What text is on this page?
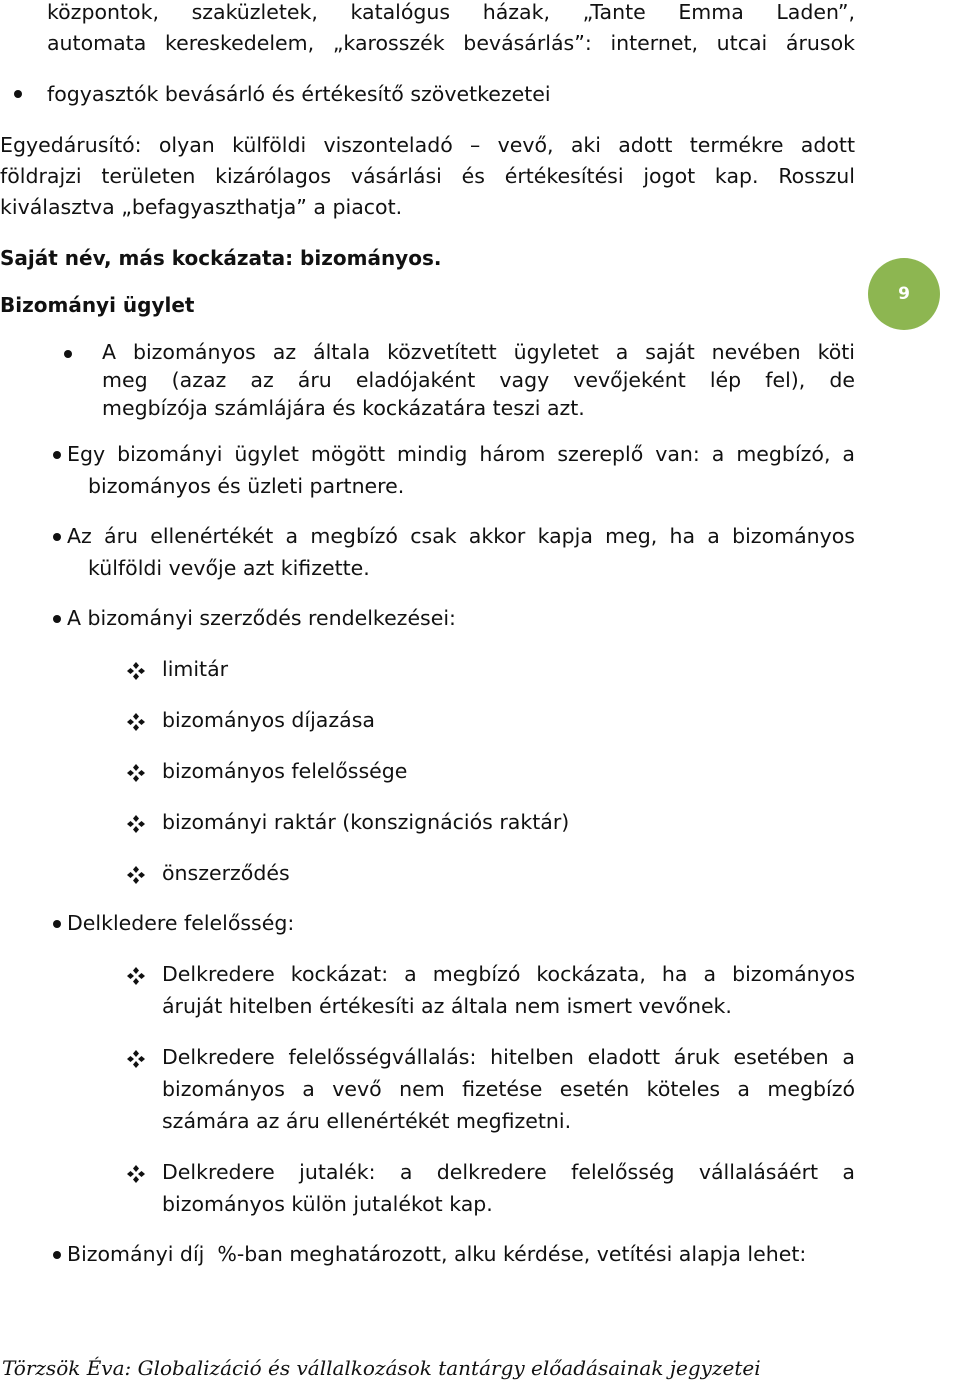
központok, szaküzletek, katalógus házak, „Tante Emma Laden”,
automata kereskedelem, „karosszék bevásárlás”: internet, utcai árusok
fogyasztók bevásárló és értékesítő szövetkezetei
Egyedárusító: olyan külföldi viszonteladó – vevő, aki adott termékre adott
földrajzi területen kizárólagos vásárlási és értékesítési jogot kap. Rosszul
kiválasztva „befagyaszthatja” a piacot.
Saját név, más kockázata: bizományos.
Bizományi ügylet	9
A bizományos az általa közvetített ügyletet a saját nevében köti
meg (azaz az áru eladójaként vagy vevőjeként lép fel), de
megbízója számlájára és kockázatára teszi azt.
Egy bizományi ügylet mögött mindig három szereplő van: a megbízó, a
bizományos és üzleti partnere.
Az áru ellenértékét a megbízó csak akkor kapja meg, ha a bizományos
külföldi vevője azt kifizette.
A bizományi szerződés rendelkezései:
limitár
bizományos díjazása
bizományos felelőssége
bizományi raktár (konszignációs raktár)
önszerződés
Delkledere felelősség:
Delkredere kockázat: a megbízó kockázata, ha a bizományos
áruját hitelben értékesíti az általa nem ismert vevőnek.
Delkredere felelősségvállalás: hitelben eladott áruk esetében a
bizományos a vevő nem fizetése esetén köteles a megbízó
számára az áru ellenértékét megfizetni.
Delkredere jutalék: a delkredere felelősség vállalásáért a
bizományos külön jutalékot kap.
Bizományi díj  %-ban meghatározott, alku kérdése, vetítési alapja lehet:
Törzsök Éva: Globalizáció és vállalkozások tantárgy előadásainak jegyzetei
